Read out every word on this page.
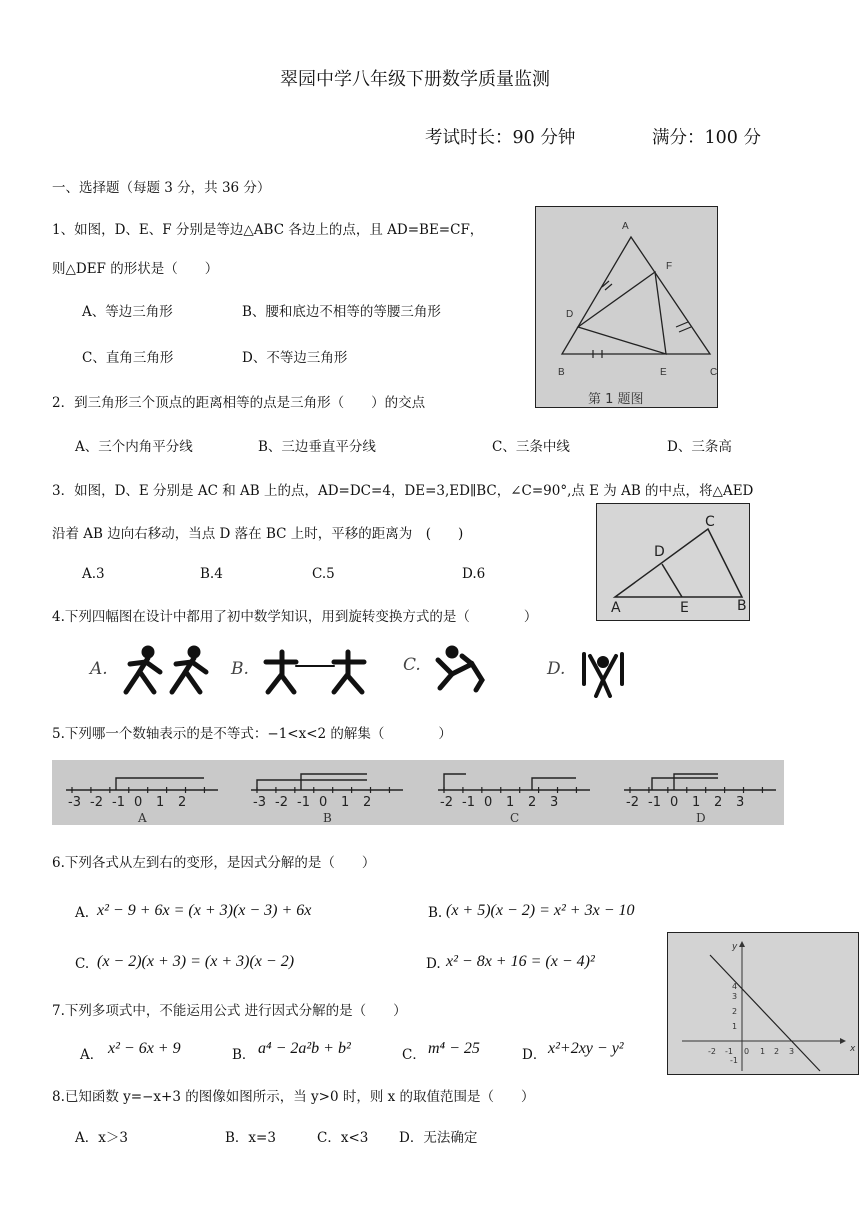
翠园中学八年级下册数学质量监测
考试时长：90 分钟	满分：100 分
一、选择题（每题 3 分，共 36 分）
1、如图，D、E、F 分别是等边△ABC 各边上的点，且 AD=BE=CF，
则△DEF 的形状是（　　）
A、等边三角形	B、腰和底边不相等的等腰三角形
C、直角三角形	D、不等边三角形
A
B	C
D
E
F
第 1 题图
2．到三角形三个顶点的距离相等的点是三角形（　　）的交点
A、三个内角平分线	B、三边垂直平分线	C、三条中线	D、三条高
3．如图，D、E 分别是 AC 和 AB 上的点，AD=DC=4，DE=3,ED∥BC，∠C=90°,点 E 为 AB 的中点，将△AED
沿着 AB 边向右移动，当点 D 落在 BC 上时，平移的距离为　(　　)
A.3	B.4	C.5	D.6
C
D
A	E	B
4.下列四幅图在设计中都用了初中数学知识，用到旋转变换方式的是（　　　　）
A.	B.	C.	D.
5.下列哪一个数轴表示的是不等式：−1<x<2 的解集（　　　　）
-3 -2 -1 0 1 2
A
-3 -2 -1 0 1 2
B
-2 -1 0 1 2 3
C
-2 -1 0 1 2 3
D
6.下列各式从左到右的变形，是因式分解的是（　　）
A. x² − 9 + 6x = (x + 3)(x − 3) + 6x	B. (x + 5)(x − 2) = x² + 3x − 10
C. (x − 2)(x + 3) = (x + 3)(x − 2)	D. x² − 8x + 16 = (x − 4)²
x
y
-2 -1 0 1 2 3
4
3
2
1
-1
7.下列多项式中，不能运用公式 进行因式分解的是（　　）
A． x² − 6x + 9	B． a⁴ − 2a²b + b²	C． m⁴ − 25	D． x²+2xy − y²
8.已知函数 y=−x+3 的图像如图所示，当 y>0 时，则 x 的取值范围是（　　）
A．x＞3	B．x=3	C．x<3 D．无法确定
